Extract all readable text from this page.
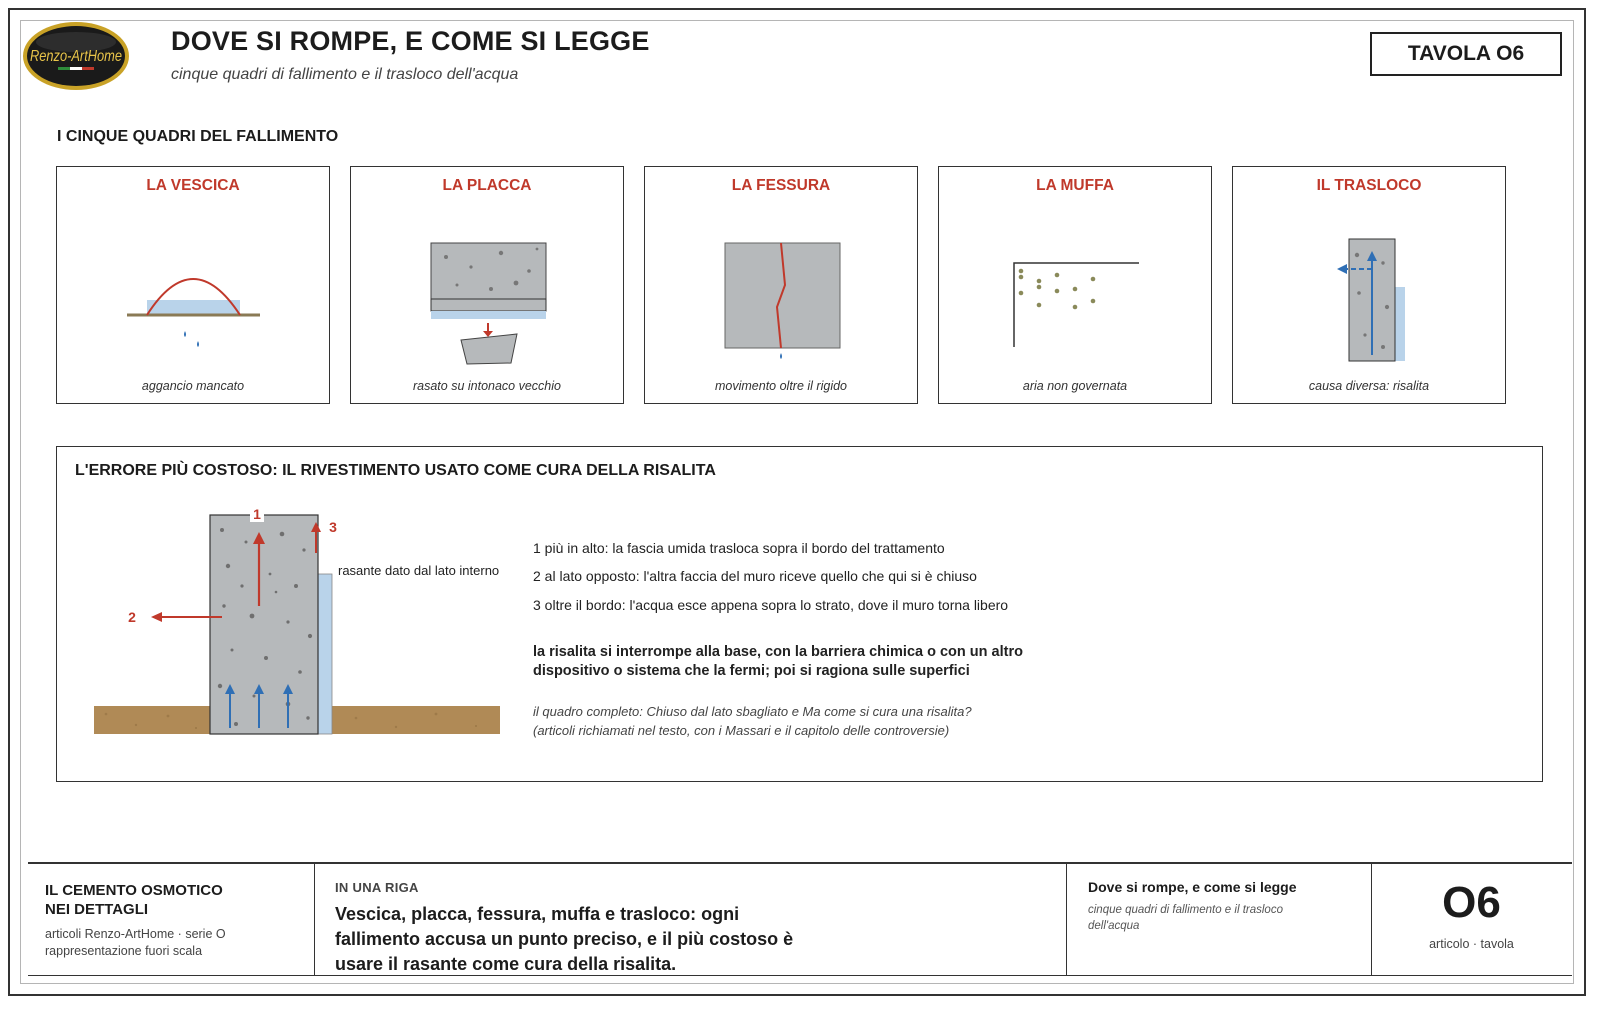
Renzo-ArtHome
DOVE SI ROMPE, E COME SI LEGGE
cinque quadri di fallimento e il trasloco dell'acqua
TAVOLA O6
I CINQUE QUADRI DEL FALLIMENTO
LA VESCICA
aggancio mancato
LA PLACCA
rasato su intonaco vecchio
LA FESSURA
movimento oltre il rigido
LA MUFFA
aria non governata
IL TRASLOCO
causa diversa: risalita
L'ERRORE PIÙ COSTOSO: IL RIVESTIMENTO USATO COME CURA DELLA RISALITA
1
2
3
rasante dato dal lato interno
1 più in alto: la fascia umida trasloca sopra il bordo del trattamento
2 al lato opposto: l'altra faccia del muro riceve quello che qui si è chiuso
3 oltre il bordo: l'acqua esce appena sopra lo strato, dove il muro torna libero
la risalita si interrompe alla base, con la barriera chimica o con un altro dispositivo o sistema che la fermi; poi si ragiona sulle superfici
il quadro completo: Chiuso dal lato sbagliato e Ma come si cura una risalita?
(articoli richiamati nel testo, con i Massari e il capitolo delle controversie)
IL CEMENTO OSMOTICO
NEI DETTAGLI
articoli Renzo-ArtHome · serie O
rappresentazione fuori scala
IN UNA RIGA
Vescica, placca, fessura, muffa e trasloco: ogni fallimento accusa un punto preciso, e il più costoso è usare il rasante come cura della risalita.
Dove si rompe, e come si legge
cinque quadri di fallimento e il trasloco dell'acqua	O6
articolo · tavola
